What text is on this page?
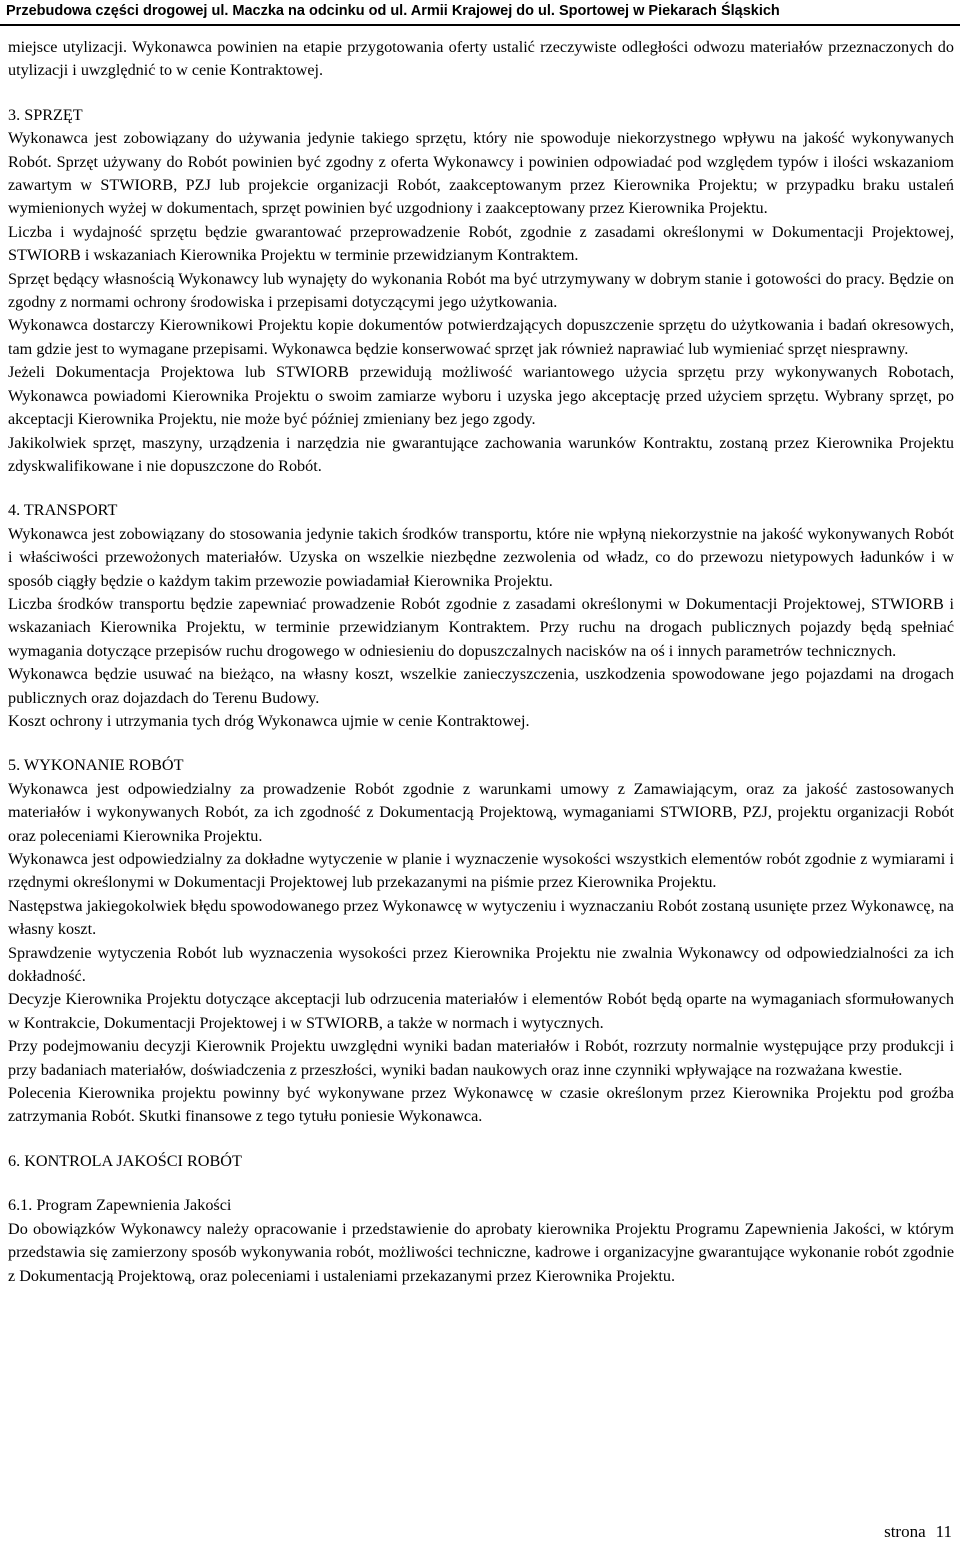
Przebudowa części drogowej ul. Maczka na odcinku od ul. Armii Krajowej do ul. Sportowej w Piekarach Śląskich

miejsce utylizacji. Wykonawca powinien na etapie przygotowania oferty ustalić rzeczywiste odległości odwozu materiałów przeznaczonych do utylizacji i uwzględnić to w cenie Kontraktowej.

3. SPRZĘT

Wykonawca jest zobowiązany do używania jedynie takiego sprzętu, który nie spowoduje niekorzystnego wpływu na jakość wykonywanych Robót. Sprzęt używany do Robót powinien być zgodny z oferta Wykonawcy i powinien odpowiadać pod względem typów i ilości wskazaniom zawartym w STWIORB, PZJ lub projekcie organizacji Robót, zaakceptowanym przez Kierownika Projektu; w przypadku braku ustaleń wymienionych wyżej w dokumentach, sprzęt powinien być uzgodniony i zaakceptowany przez Kierownika Projektu.

Liczba i wydajność sprzętu będzie gwarantować przeprowadzenie Robót, zgodnie z zasadami określonymi w Dokumentacji Projektowej, STWIORB i wskazaniach Kierownika Projektu w terminie przewidzianym Kontraktem.

Sprzęt będący własnością Wykonawcy lub wynajęty do wykonania Robót ma być utrzymywany w dobrym stanie i gotowości do pracy. Będzie on zgodny z normami ochrony środowiska i przepisami dotyczącymi jego użytkowania.

Wykonawca dostarczy Kierownikowi Projektu kopie dokumentów potwierdzających dopuszczenie sprzętu do użytkowania i badań okresowych, tam gdzie jest to wymagane przepisami. Wykonawca będzie konserwować sprzęt jak również naprawiać lub wymieniać sprzęt niesprawny.

Jeżeli Dokumentacja Projektowa lub STWIORB przewidują możliwość wariantowego użycia sprzętu przy wykonywanych Robotach, Wykonawca powiadomi Kierownika Projektu o swoim zamiarze wyboru i uzyska jego akceptację przed użyciem sprzętu. Wybrany sprzęt, po akceptacji Kierownika Projektu, nie może być później zmieniany bez jego zgody.

Jakikolwiek sprzęt, maszyny, urządzenia i narzędzia nie gwarantujące zachowania warunków Kontraktu, zostaną przez Kierownika Projektu zdyskwalifikowane i nie dopuszczone do Robót.

4. TRANSPORT

Wykonawca jest zobowiązany do stosowania jedynie takich środków transportu, które nie wpłyną niekorzystnie na jakość wykonywanych Robót i właściwości przewożonych materiałów. Uzyska on wszelkie niezbędne zezwolenia od władz, co do przewozu nietypowych ładunków i w sposób ciągły będzie o każdym takim przewozie powiadamiał Kierownika Projektu.

Liczba środków transportu będzie zapewniać prowadzenie Robót zgodnie z zasadami określonymi w Dokumentacji Projektowej, STWIORB i wskazaniach Kierownika Projektu, w terminie przewidzianym Kontraktem. Przy ruchu na drogach publicznych pojazdy będą spełniać wymagania dotyczące przepisów ruchu drogowego w odniesieniu do dopuszczalnych nacisków na oś i innych parametrów technicznych.

Wykonawca będzie usuwać na bieżąco, na własny koszt, wszelkie zanieczyszczenia, uszkodzenia spowodowane jego pojazdami na drogach publicznych oraz dojazdach do Terenu Budowy.

Koszt ochrony i utrzymania tych dróg Wykonawca ujmie w cenie Kontraktowej.

5. WYKONANIE ROBÓT

Wykonawca jest odpowiedzialny za prowadzenie Robót zgodnie z warunkami umowy z Zamawiającym, oraz za jakość zastosowanych materiałów i wykonywanych Robót, za ich zgodność z Dokumentacją Projektową, wymaganiami STWIORB, PZJ, projektu organizacji Robót oraz poleceniami Kierownika Projektu.

Wykonawca jest odpowiedzialny za dokładne wytyczenie w planie i wyznaczenie wysokości wszystkich elementów robót zgodnie z wymiarami i rzędnymi określonymi w Dokumentacji Projektowej lub przekazanymi na piśmie przez Kierownika Projektu.

Następstwa jakiegokolwiek błędu spowodowanego przez Wykonawcę w wytyczeniu i wyznaczaniu Robót zostaną usunięte przez Wykonawcę, na własny koszt.

Sprawdzenie wytyczenia Robót lub wyznaczenia wysokości przez Kierownika Projektu nie zwalnia Wykonawcy od odpowiedzialności za ich dokładność.

Decyzje Kierownika Projektu dotyczące akceptacji lub odrzucenia materiałów i elementów Robót będą oparte na wymaganiach sformułowanych w Kontrakcie, Dokumentacji Projektowej i w STWIORB, a także w normach i wytycznych.

Przy podejmowaniu decyzji Kierownik Projektu uwzględni wyniki badan materiałów i Robót, rozrzuty normalnie występujące przy produkcji i przy badaniach materiałów, doświadczenia z przeszłości, wyniki badan naukowych oraz inne czynniki wpływające na rozważana kwestie.

Polecenia Kierownika projektu powinny być wykonywane przez Wykonawcę w czasie określonym przez Kierownika Projektu pod groźba zatrzymania Robót. Skutki finansowe z tego tytułu poniesie Wykonawca.

6. KONTROLA JAKOŚCI ROBÓT

6.1. Program Zapewnienia Jakości

Do obowiązków Wykonawcy należy opracowanie i przedstawienie do aprobaty kierownika Projektu Programu Zapewnienia Jakości, w którym przedstawia się zamierzony sposób wykonywania robót, możliwości techniczne, kadrowe i organizacyjne gwarantujące wykonanie robót zgodnie z Dokumentacją Projektową, oraz poleceniami i ustaleniami przekazanymi przez Kierownika Projektu.

strona 11
